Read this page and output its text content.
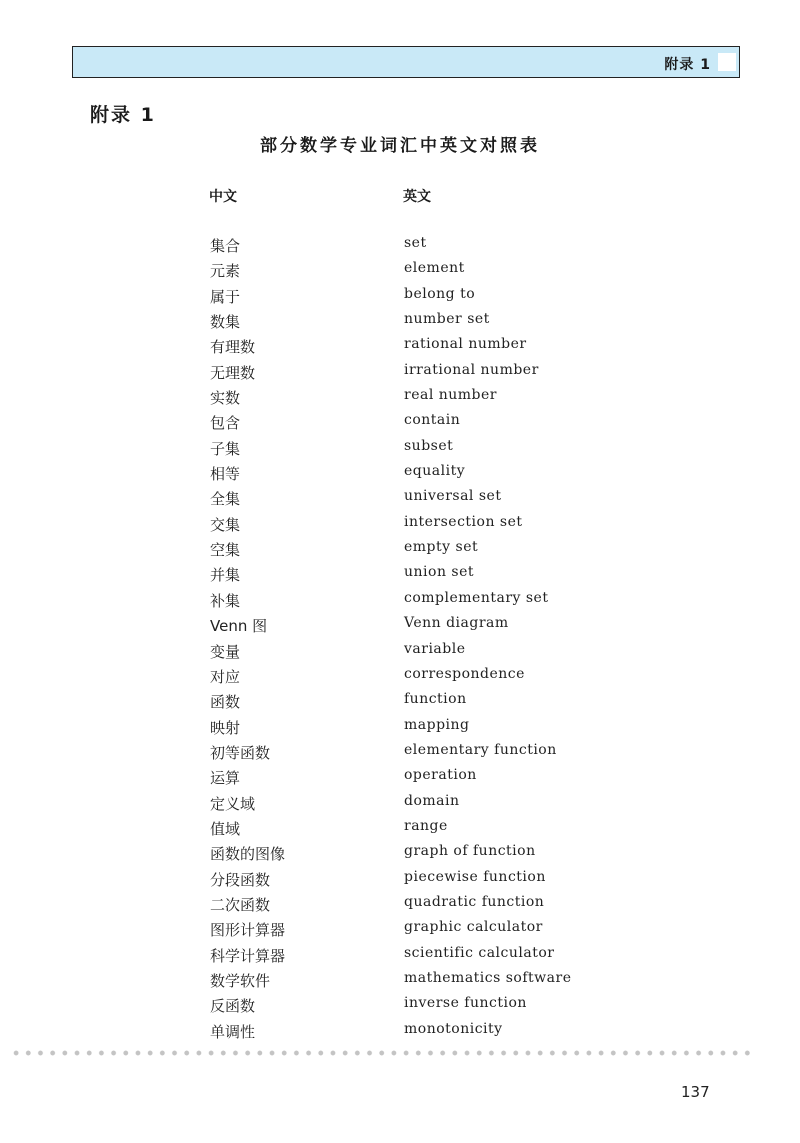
附录 1
附录 1
部分数学专业词汇中英文对照表
中文	英文
集合	set
元素	element
属于	belong to
数集	number set
有理数	rational number
无理数	irrational number
实数	real number
包含	contain
子集	subset
相等	equality
全集	universal set
交集	intersection set
空集	empty set
并集	union set
补集	complementary set
Venn 图	Venn diagram
变量	variable
对应	correspondence
函数	function
映射	mapping
初等函数	elementary function
运算	operation
定义域	domain
值域	range
函数的图像	graph of function
分段函数	piecewise function
二次函数	quadratic function
图形计算器	graphic calculator
科学计算器	scientific calculator
数学软件	mathematics software
反函数	inverse function
单调性	monotonicity
137
